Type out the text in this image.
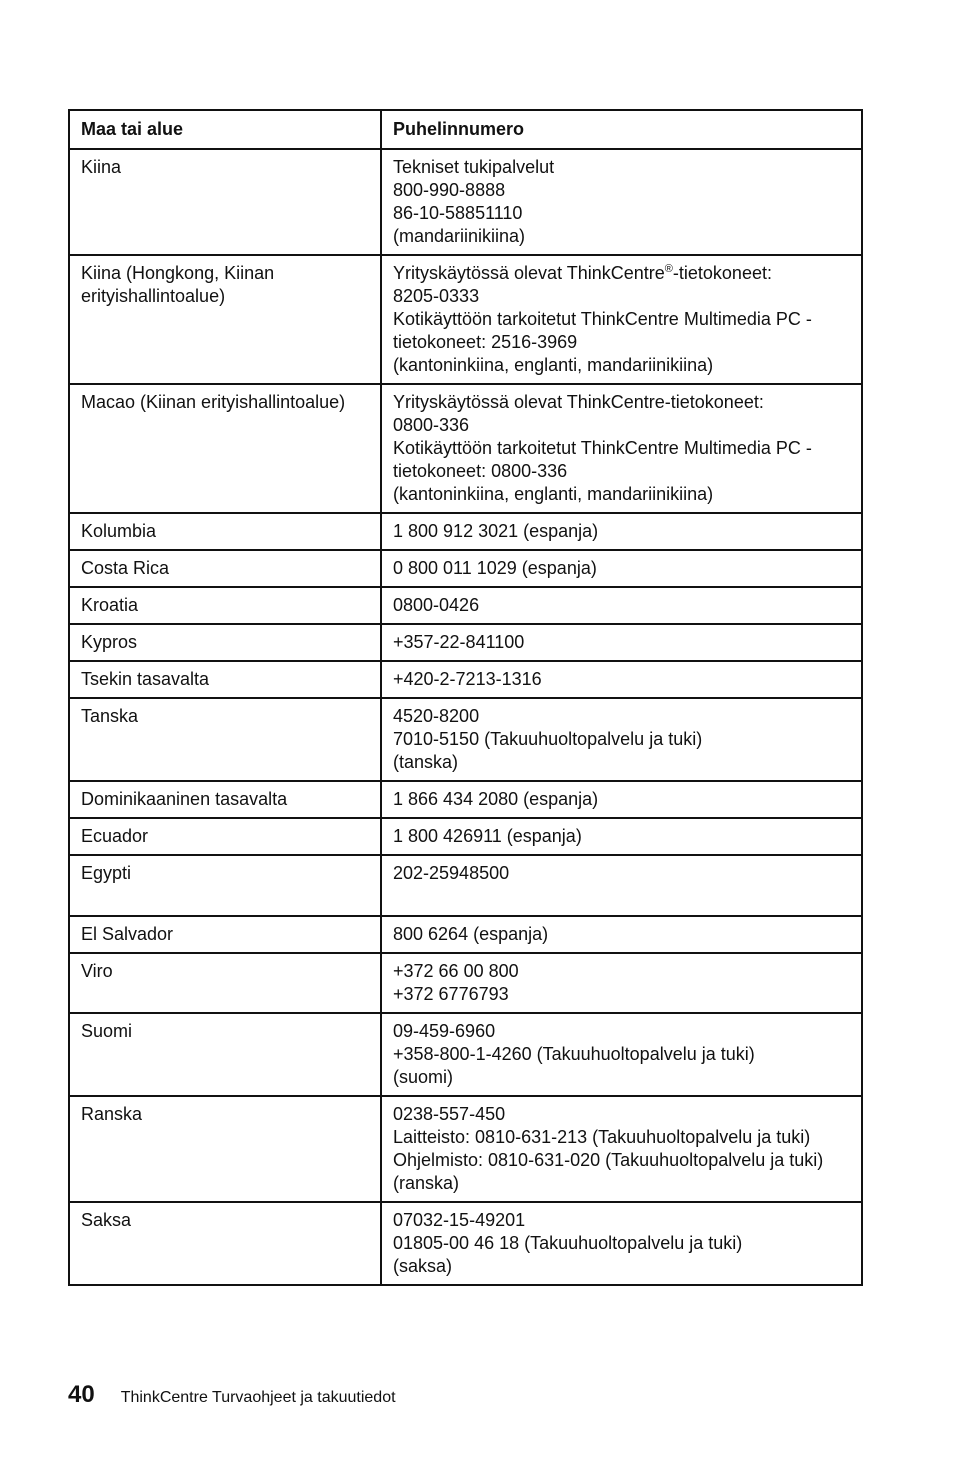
Maa tai alue	Puhelinnumero
Kiina	Tekniset tukipalvelut
800-990-8888
86-10-58851110
(mandariinikiina)

Kiina (Hongkong, Kiinan erityishallintoalue)	Yrityskäytössä olevat ThinkCentre®-tietokoneet:
8205-0333
Kotikäyttöön tarkoitetut ThinkCentre Multimedia PC -tietokoneet: 2516-3969
(kantoninkiina, englanti, mandariinikiina)

Macao (Kiinan erityishallintoalue)	Yrityskäytössä olevat ThinkCentre-tietokoneet:
0800-336
Kotikäyttöön tarkoitetut ThinkCentre Multimedia PC -tietokoneet: 0800-336
(kantoninkiina, englanti, mandariinikiina)

Kolumbia	1 800 912 3021 (espanja)

Costa Rica	0 800 011 1029 (espanja)

Kroatia	0800-0426

Kypros	+357-22-841100

Tsekin tasavalta	+420-2-7213-1316

Tanska	4520-8200
7010-5150 (Takuuhuoltopalvelu ja tuki)
(tanska)

Dominikaaninen tasavalta	1 866 434 2080 (espanja)

Ecuador	1 800 426911 (espanja)

Egypti	202-25948500

El Salvador	800 6264 (espanja)

Viro	+372 66 00 800
+372 6776793

Suomi	09-459-6960
+358-800-1-4260 (Takuuhuoltopalvelu ja tuki)
(suomi)

Ranska	0238-557-450
Laitteisto: 0810-631-213 (Takuuhuoltopalvelu ja tuki)
Ohjelmisto: 0810-631-020 (Takuuhuoltopalvelu ja tuki)
(ranska)

Saksa	07032-15-49201
01805-00 46 18 (Takuuhuoltopalvelu ja tuki)
(saksa)
40 ThinkCentre Turvaohjeet ja takuutiedot
